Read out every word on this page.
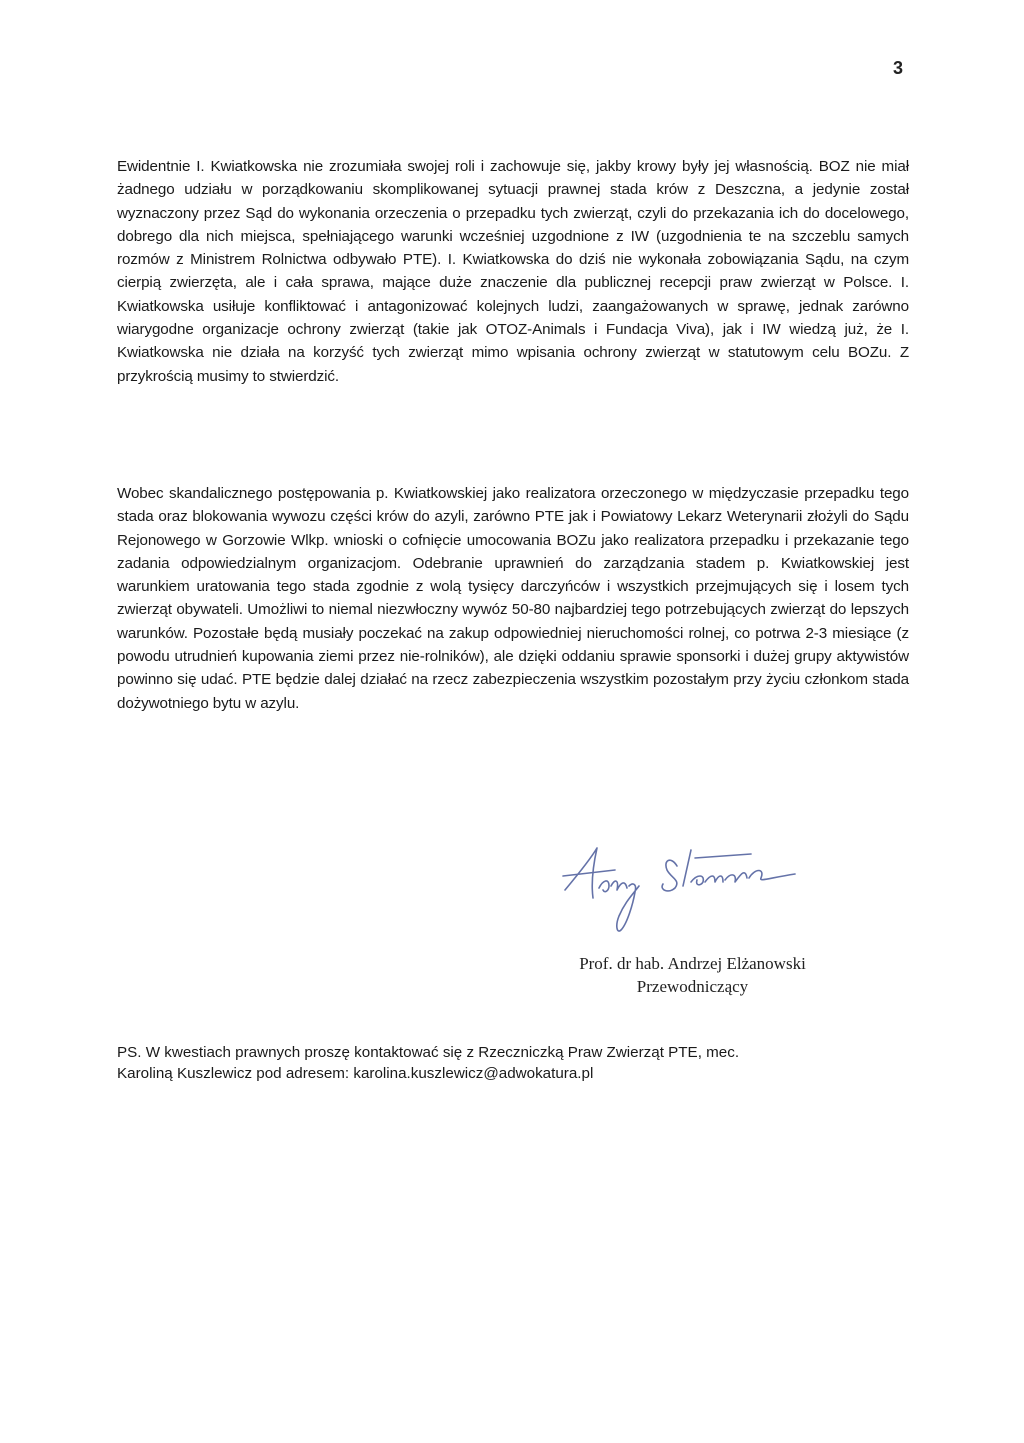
3

Ewidentnie I. Kwiatkowska nie zrozumiała swojej roli i zachowuje się, jakby krowy były jej własnością. BOZ nie miał żadnego udziału w porządkowaniu skomplikowanej sytuacji prawnej stada krów z Deszczna, a jedynie został wyznaczony przez Sąd do wykonania orzeczenia o przepadku tych zwierząt, czyli do przekazania ich do docelowego, dobrego dla nich miejsca, spełniającego warunki wcześniej uzgodnione z IW (uzgodnienia te na szczeblu samych rozmów z Ministrem Rolnictwa odbywało PTE). I. Kwiatkowska do dziś nie wykonała zobowiązania Sądu, na czym cierpią zwierzęta, ale i cała sprawa, mające duże znaczenie dla publicznej recepcji praw zwierząt w Polsce. I. Kwiatkowska usiłuje konfliktować i antagonizować kolejnych ludzi, zaangażowanych w sprawę, jednak zarówno wiarygodne organizacje ochrony zwierząt (takie jak OTOZ-Animals i Fundacja Viva), jak i IW wiedzą już, że I. Kwiatkowska nie działa na korzyść tych zwierząt mimo wpisania ochrony zwierząt w statutowym celu BOZu. Z przykrością musimy to stwierdzić.

Wobec skandalicznego postępowania p. Kwiatkowskiej jako realizatora orzeczonego w międzyczasie przepadku tego stada oraz blokowania wywozu części krów do azyli, zarówno PTE jak i Powiatowy Lekarz Weterynarii złożyli do Sądu Rejonowego w Gorzowie Wlkp. wnioski o cofnięcie umocowania BOZu jako realizatora przepadku i przekazanie tego zadania odpowiedzialnym organizacjom. Odebranie uprawnień do zarządzania stadem p. Kwiatkowskiej jest warunkiem uratowania tego stada zgodnie z wolą tysięcy darczyńców i wszystkich przejmujących się i losem tych zwierząt obywateli. Umożliwi to niemal niezwłoczny wywóz 50-80 najbardziej tego potrzebujących zwierząt do lepszych warunków. Pozostałe będą musiały poczekać na zakup odpowiedniej nieruchomości rolnej, co potrwa 2-3 miesiące (z powodu utrudnień kupowania ziemi przez nie-rolników), ale dzięki oddaniu sprawie sponsorki i dużej grupy aktywistów powinno się udać. PTE będzie dalej działać na rzecz zabezpieczenia wszystkim pozostałym przy życiu członkom stada dożywotniego bytu w azylu.

Prof. dr hab. Andrzej Elżanowski
Przewodniczący
PS. W kwestiach prawnych proszę kontaktować się z Rzeczniczką Praw Zwierząt PTE, mec.
Karoliną Kuszlewicz pod adresem: karolina.kuszlewicz@adwokatura.pl
